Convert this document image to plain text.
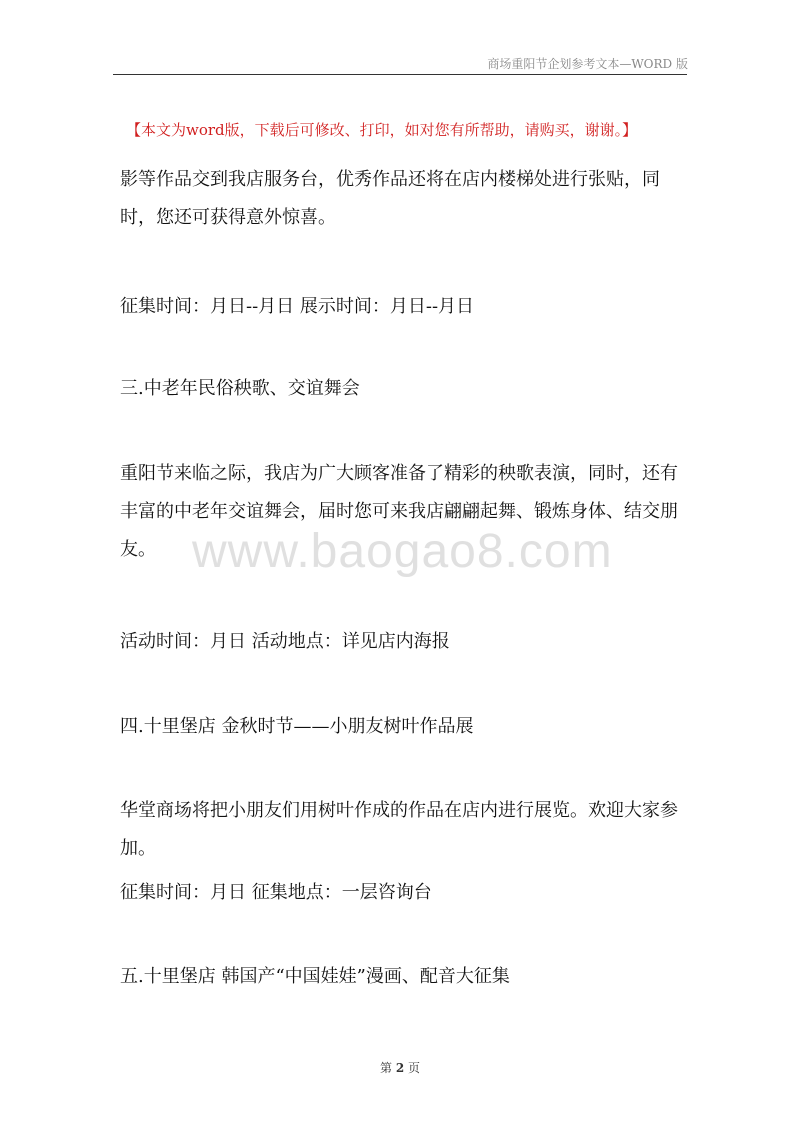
商场重阳节企划参考文本—WORD 版
【本文为word版，下载后可修改、打印，如对您有所帮助，请购买，谢谢。】

影等作品交到我店服务台，优秀作品还将在店内楼梯处进行张贴，同时，您还可获得意外惊喜。

征集时间：月日--月日 展示时间：月日--月日

三.中老年民俗秧歌、交谊舞会

重阳节来临之际，我店为广大顾客准备了精彩的秧歌表演，同时，还有丰富的中老年交谊舞会，届时您可来我店翩翩起舞、锻炼身体、结交朋友。

活动时间：月日 活动地点：详见店内海报

四.十里堡店 金秋时节——小朋友树叶作品展

华堂商场将把小朋友们用树叶作成的作品在店内进行展览。欢迎大家参加。

征集时间：月日 征集地点：一层咨询台

五.十里堡店 韩国产“中国娃娃”漫画、配音大征集

www.baogao8.com
第 2 页
